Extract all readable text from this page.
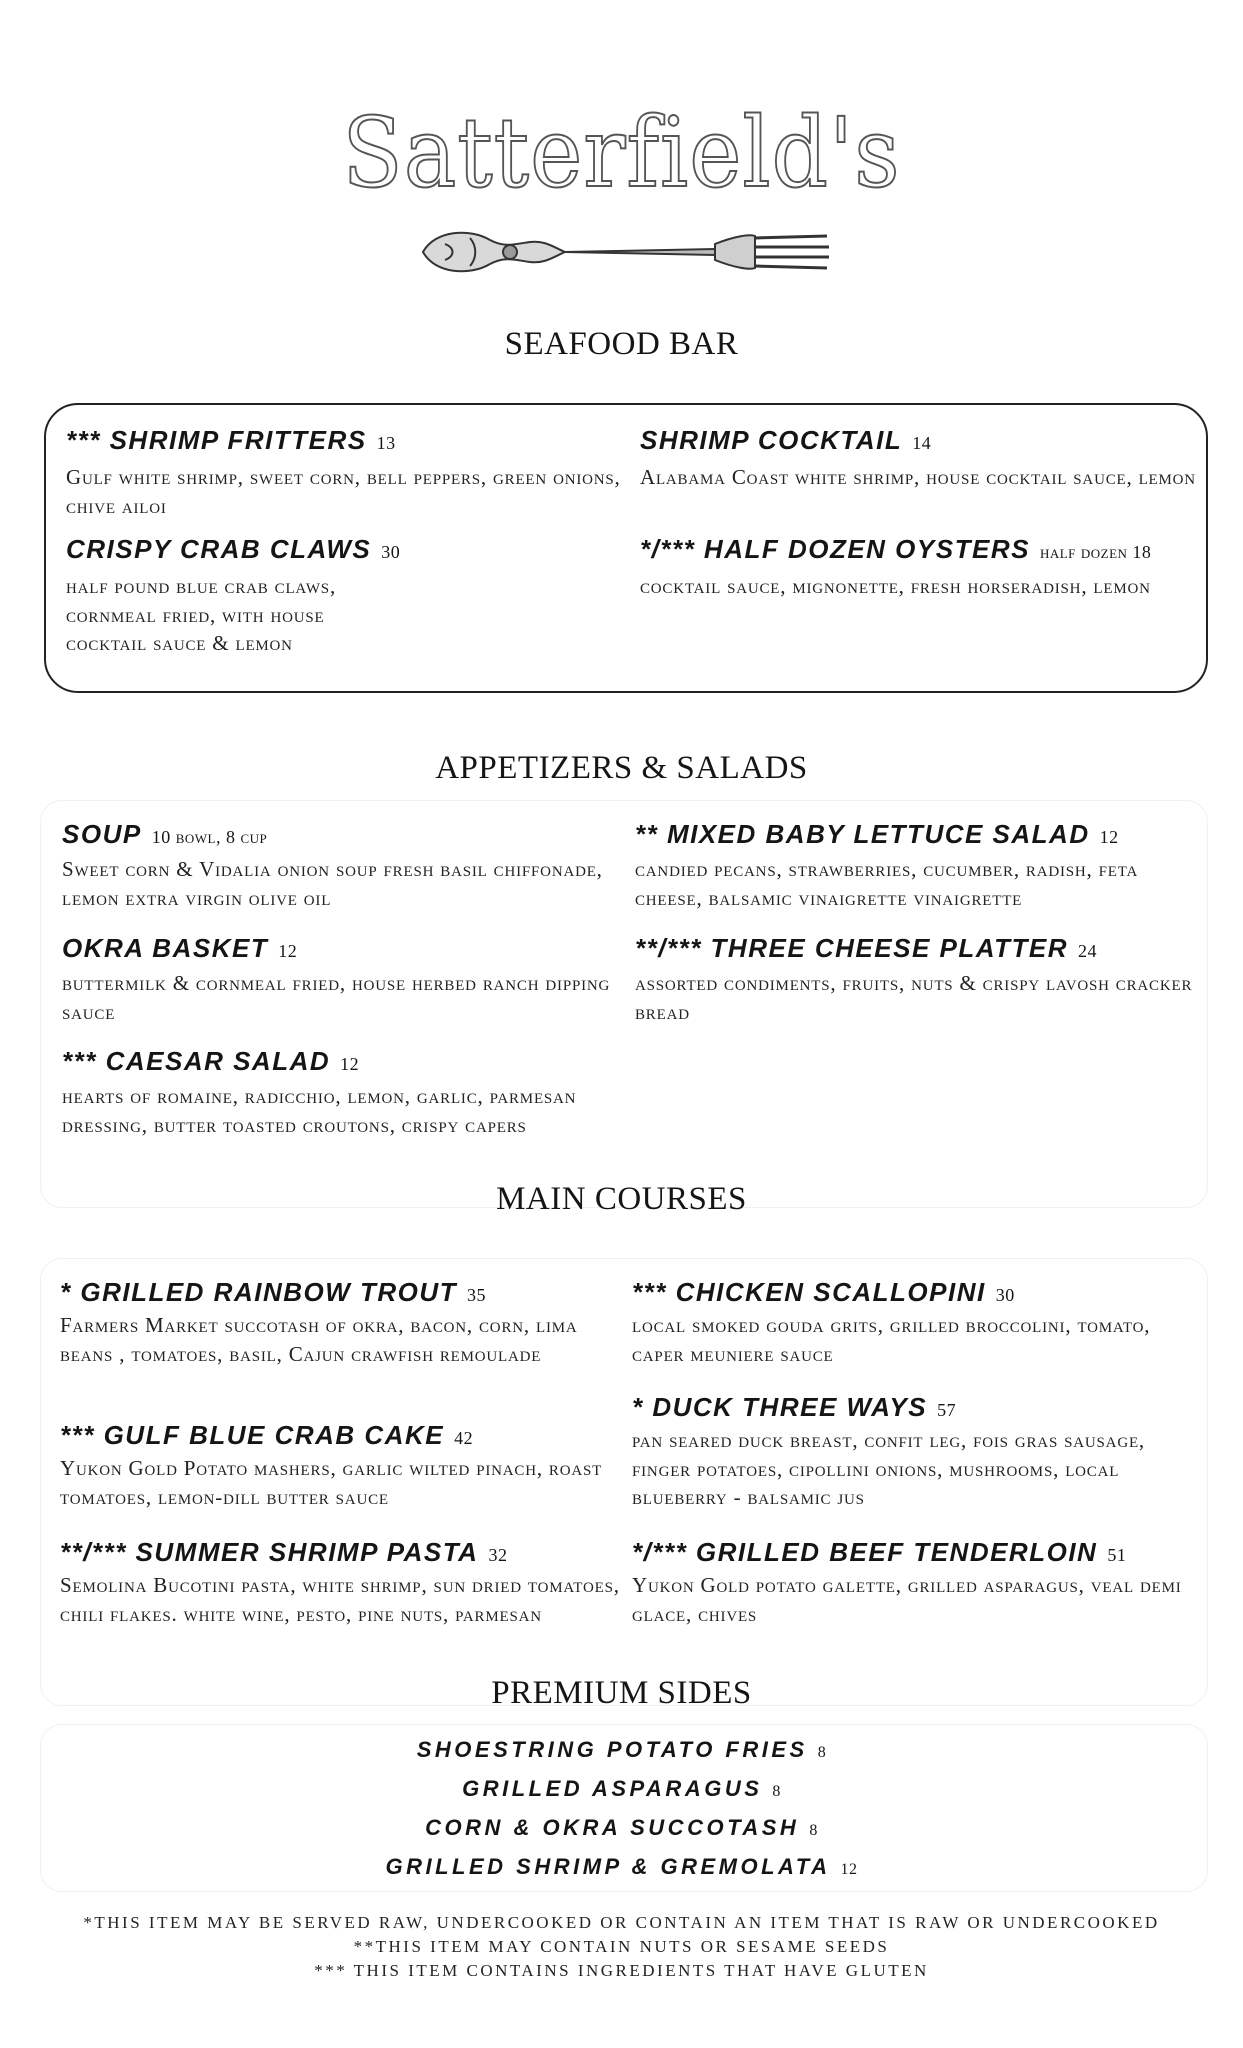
Satterfield's
SEAFOOD BAR
*** SHRIMP FRITTERS 13
Gulf white shrimp, sweet corn, bell peppers, green onions, chive ailoi
SHRIMP COCKTAIL 14
Alabama Coast white shrimp, house cocktail sauce, lemon
CRISPY CRAB CLAWS 30
half pound blue crab claws, cornmeal fried, with house cocktail sauce & lemon
*/*** HALF DOZEN OYSTERS half dozen 18
cocktail sauce, mignonette, fresh horseradish, lemon
APPETIZERS & SALADS
SOUP 10 bowl, 8 cup
Sweet corn & Vidalia onion soup fresh basil chiffonade, lemon extra virgin olive oil
** MIXED BABY LETTUCE SALAD 12
candied pecans, strawberries, cucumber, radish, feta cheese, balsamic vinaigrette vinaigrette
OKRA BASKET 12
buttermilk & cornmeal fried, house herbed ranch dipping sauce
**/*** THREE CHEESE PLATTER 24
assorted condiments, fruits, nuts & crispy lavosh cracker bread
*** CAESAR SALAD 12
hearts of romaine, radicchio, lemon, garlic, parmesan dressing, butter toasted croutons, crispy capers
MAIN COURSES
* GRILLED RAINBOW TROUT 35
Farmers Market succotash of okra, bacon, corn, lima beans , tomatoes, basil, Cajun crawfish remoulade
*** CHICKEN SCALLOPINI 30
local smoked gouda grits, grilled broccolini, tomato, caper meuniere sauce
* DUCK THREE WAYS 57
pan seared duck breast, confit leg, fois gras sausage, finger potatoes, cipollini onions, mushrooms, local blueberry - balsamic jus
*** GULF BLUE CRAB CAKE 42
Yukon Gold Potato mashers, garlic wilted pinach, roast tomatoes, lemon-dill butter sauce
**/*** SUMMER SHRIMP PASTA 32
Semolina Bucotini pasta, white shrimp, sun dried tomatoes, chili flakes. white wine, pesto, pine nuts, parmesan
*/*** GRILLED BEEF TENDERLOIN 51
Yukon Gold potato galette, grilled asparagus, veal demi glace, chives
PREMIUM SIDES
SHOESTRING POTATO FRIES 8
GRILLED ASPARAGUS 8
CORN & OKRA SUCCOTASH 8
GRILLED SHRIMP & GREMOLATA 12
*THIS ITEM MAY BE SERVED RAW, UNDERCOOKED OR CONTAIN AN ITEM THAT IS RAW OR UNDERCOOKED
**THIS ITEM MAY CONTAIN NUTS OR SESAME SEEDS
*** THIS ITEM CONTAINS INGREDIENTS THAT HAVE GLUTEN
